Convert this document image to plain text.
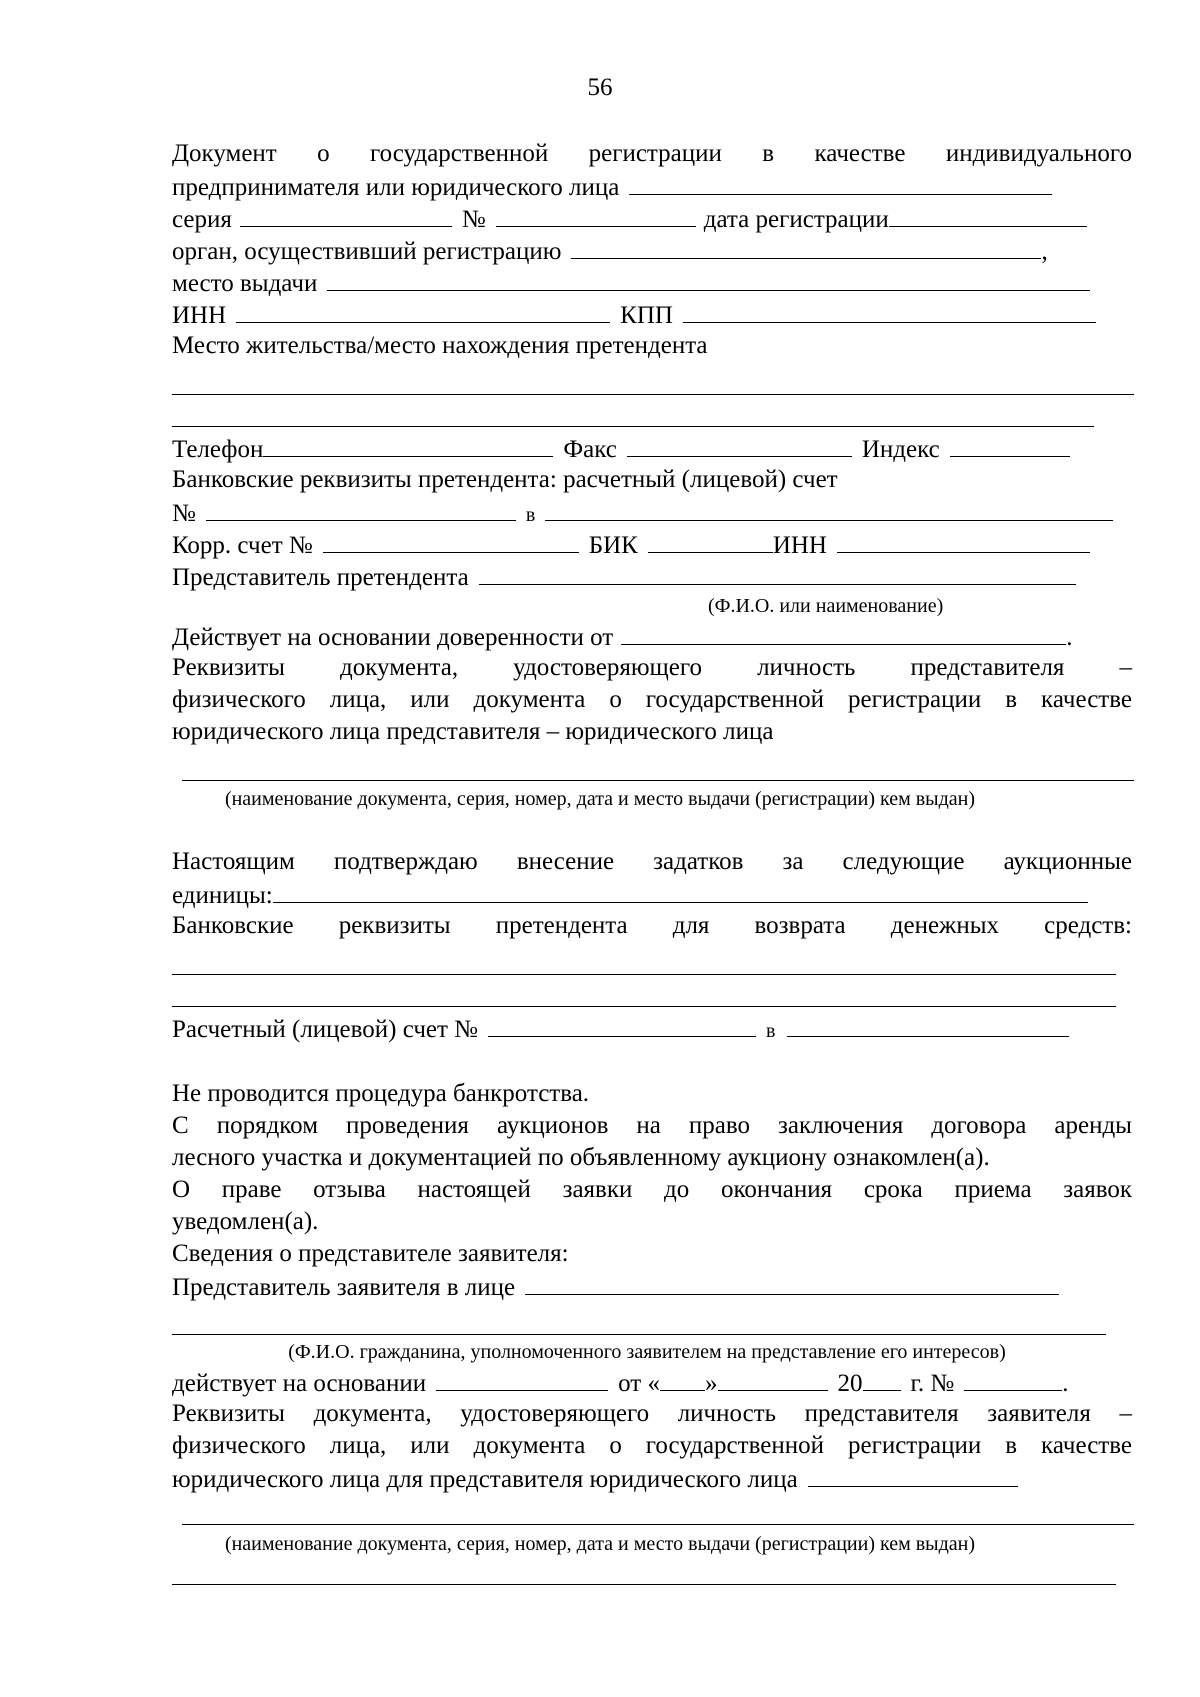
56
Документ о государственной регистрации в качестве индивидуального
предпринимателя или юридического лица
серия	№	дата регистрации
орган, осуществивший регистрацию	,
место выдачи
ИНН	КПП
Место жительства/место нахождения претендента
Телефон	Факс	Индекс
Банковские реквизиты претендента: расчетный (лицевой) счет
№	в
Корр. счет №	БИК	ИНН
Представитель претендента
(Ф.И.О. или наименование)
Действует на основании доверенности от	.
Реквизиты документа, удостоверяющего личность представителя –
физического лица, или документа о государственной регистрации в качестве
юридического лица представителя – юридического лица
(наименование документа, серия, номер, дата и место выдачи (регистрации) кем выдан)
Настоящим подтверждаю внесение задатков за следующие аукционные
единицы:
Банковские реквизиты претендента для возврата денежных средств:
Расчетный (лицевой) счет №	в
Не проводится процедура банкротства.
С порядком проведения аукционов на право заключения договора аренды
лесного участка и документацией по объявленному аукциону ознакомлен(а).
О праве отзыва настоящей заявки до окончания срока приема заявок
уведомлен(а).
Сведения о представителе заявителя:
Представитель заявителя в лице
(Ф.И.О. гражданина, уполномоченного заявителем на представление его интересов)
действует на основании	от « »	20 г. №	.
Реквизиты документа, удостоверяющего личность представителя заявителя –
физического лица, или документа о государственной регистрации в качестве
юридического лица для представителя юридического лица
(наименование документа, серия, номер, дата и место выдачи (регистрации) кем выдан)
